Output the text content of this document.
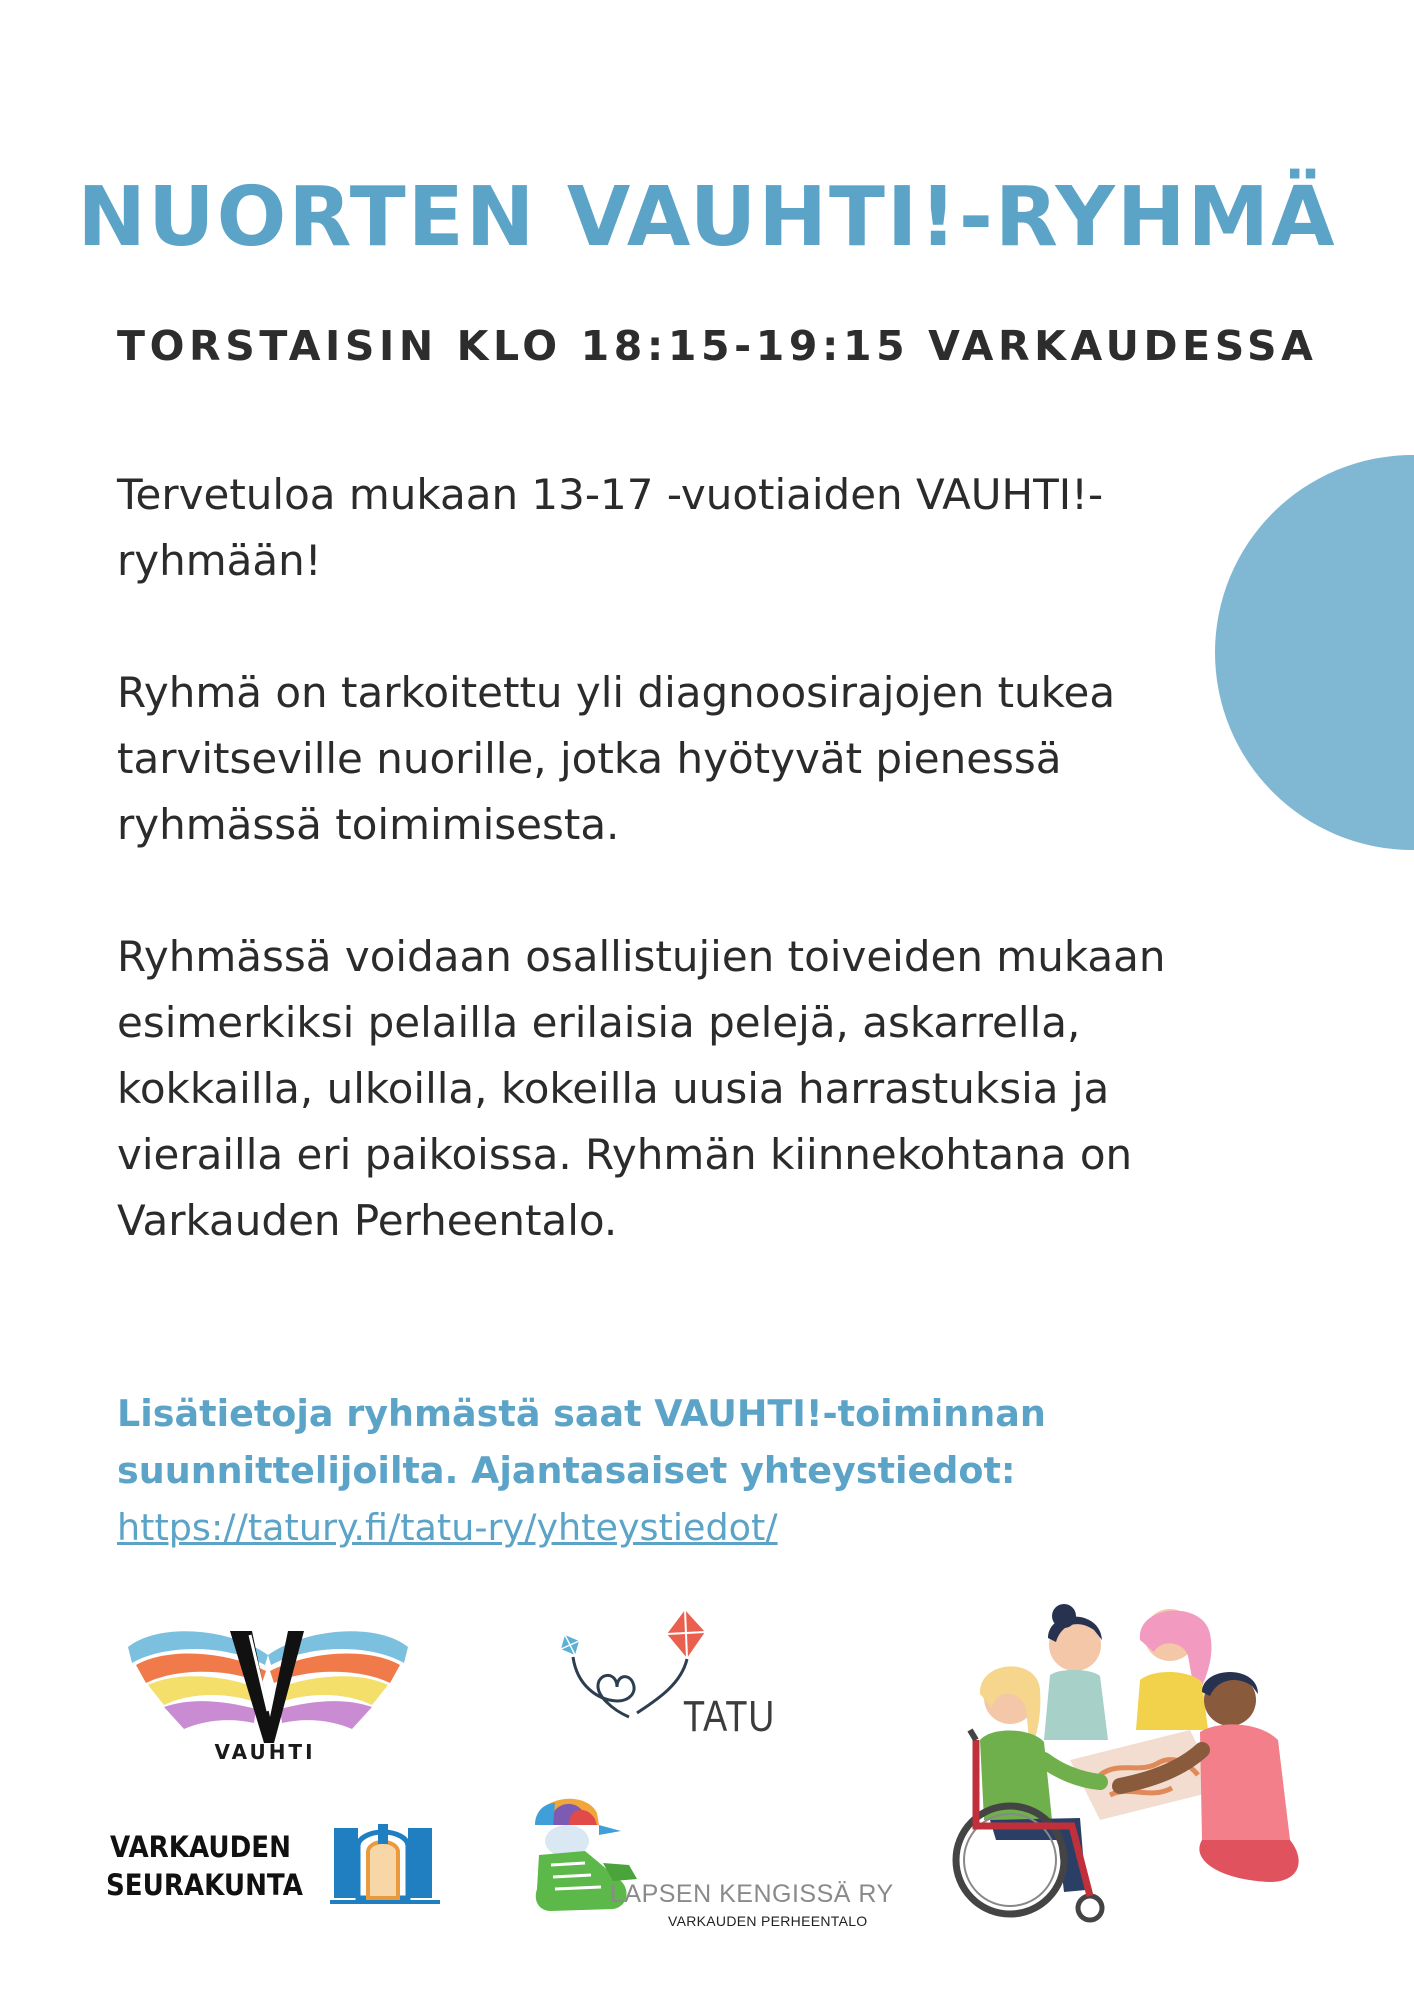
NUORTEN VAUHTI!-RYHMÄ
TORSTAISIN KLO 18:15-19:15 VARKAUDESSA

Tervetuloa mukaan 13-17 -vuotiaiden VAUHTI!-ryhmään!

Ryhmä on tarkoitettu yli diagnoosirajojen tukea tarvitseville nuorille, jotka hyötyvät pienessä ryhmässä toimimisesta.

Ryhmässä voidaan osallistujien toiveiden mukaan esimerkiksi pelailla erilaisia pelejä, askarrella, kokkailla, ulkoilla, kokeilla uusia harrastuksia ja vierailla eri paikoissa. Ryhmän kiinnekohtana on Varkauden Perheentalo.

Lisätietoja ryhmästä saat VAUHTI!-toiminnan suunnittelijoilta. Ajantasaiset yhteystiedot:
https://tatury.fi/tatu-ry/yhteystiedot/
VAUHTI
TATU
VARKAUDEN
SEURAKUNTA	LAPSEN KENGISSÄ RY
VARKAUDEN PERHEENTALO
